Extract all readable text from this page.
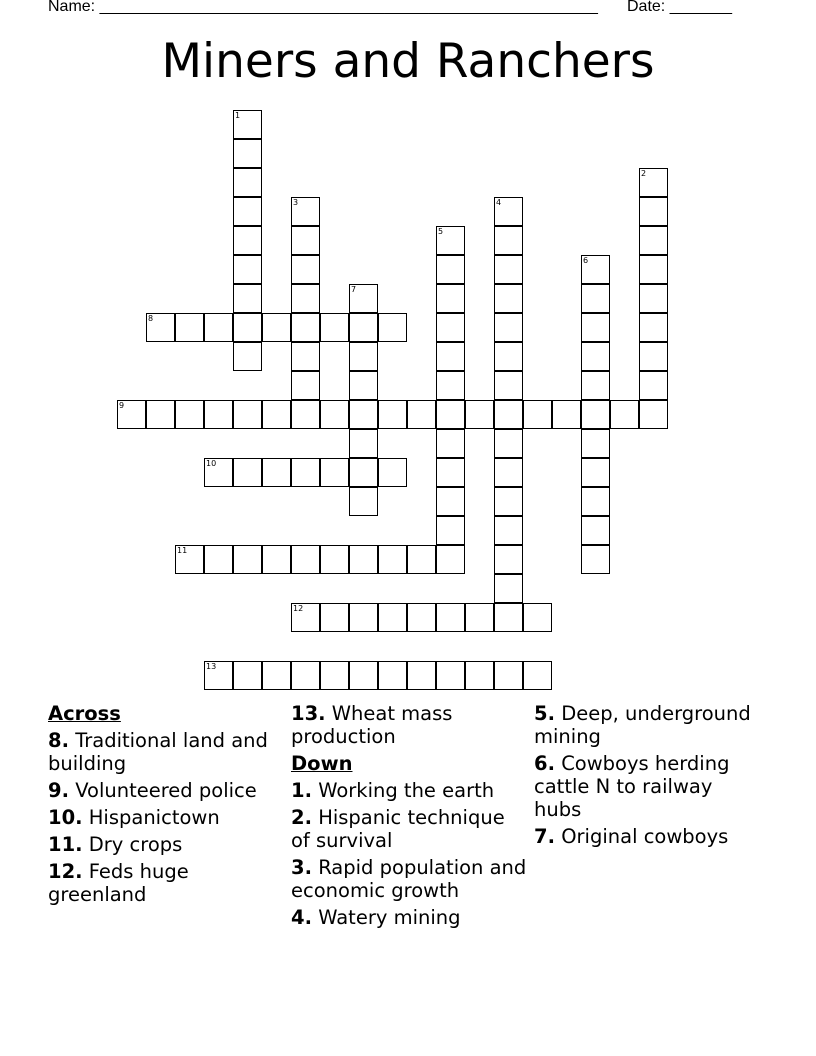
Name: ________________________________________________________ Date: _______
Miners and Ranchers
8
9
10
11
12
13
1
2
3	4
5
6
7
Across
8. Traditional land and building
9. Volunteered police
10. Hispanictown
11. Dry crops
12. Feds huge greenland
13. Wheat mass production
Down
1. Working the earth
2. Hispanic technique of survival
3. Rapid population and economic growth
4. Watery mining
5. Deep, underground mining
6. Cowboys herding cattle N to railway hubs
7. Original cowboys
